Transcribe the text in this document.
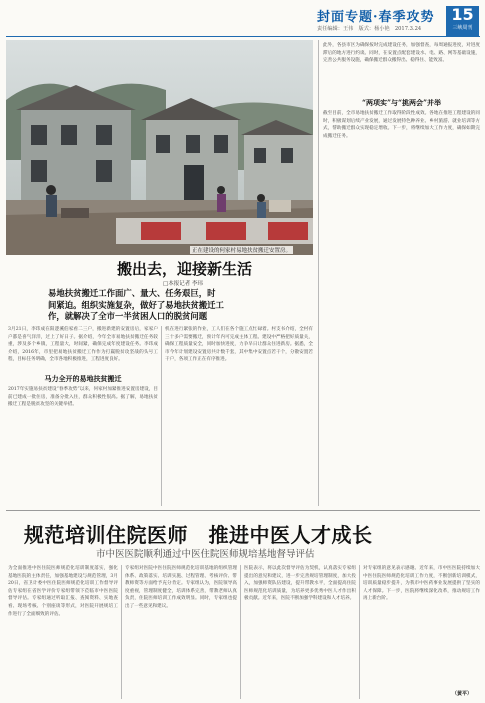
封面专题·春季攻势
责任编辑：王伟　版式：杨小艳　2017.3.24
15
三峡周刊
正在建设的何家村易地扶贫搬迁安置房。
搬出去，迎接新生活
□本报记者 李玮
易地扶贫搬迁工作面广、量大、任务艰巨，时
间紧迫。组织实施复杂，做好了易地扶贫搬迁工
作，就解决了全市一半贫困人口的脱贫问题
3月21日，李玮成在阳逻溪伯家看二三户，搬进新建的安置房后，家家户户都是喜气洋洋，过上了好日子。据介绍，今年全市易地扶贫搬迁任务较重，涉及多个乡镇，工程量大，时间紧，确保完成年度建设任务。李玮成介绍，2016年，市里把易地扶贫搬迁工作作为打赢脱贫攻坚战的头号工程，目标任务明确，全市各地积极推进，工程进度良好。
马力全开的易地扶贫搬迁
2017年实施易扶贫建设“春季攻势”以来，何家村加紧推进安置房建设，目前已建成一批住房，准备分批入住，群众积极性很高。据了解，易地扶贫搬迁工程是脱贫攻坚的关键举措。
机在进行紧张的作业，工人们在各个施工点忙碌着。村支书介绍，全村有三十多户需要搬迁，预计年内可完成主体工程。建设中严格把好质量关，确保工程质量安全，同时加快进度，力争早日让群众住进新房。据悉，全市今年计划建设安置房共计数千套，其中集中安置点若干个，分散安置若干户，各项工作正在有序推进。
此外，各县市区为确保按时完成建设任务，加强督查，每周通报进度，对进度滞后的地方进行约谈。同时，在安置点配套建设水、电、路、网等基础设施，完善公共服务设施，确保搬迁群众搬得出、稳得住、能致富。
“两项实”与“挑两会”并举
截至目前，全市易地扶贫搬迁工作取得阶段性成效。各地在推进工程建设的同时，积极谋划后续产业发展，通过发展特色种养业、乡村旅游、就业培训等方式，帮助搬迁群众实现稳定增收。下一步，将继续加大工作力度，确保如期完成搬迁任务。
规范培训住院医师　推进中医人才成长
市中医医院顺利通过中医住院医师规培基地督导评估
为全面推进中医住院医师规范化培训制度落实，强化基地医院的主体责任，加强基地建设与规范管理，3月20日，省卫计委中医住院医师规范化培训工作督导评估专家组在省医学评价专家组带领下莅临市中医医院督导评估。专家组通过听取汇报、查阅资料、实地查看、现场考核、个别座谈等形式，对医院开展规培工作进行了全面细致的评估。
专家组对医院中医住院医师规范化培训基地的组织管理体系、政策落实、培训实施、过程管理、考核评价、带教师资等方面给予充分肯定。专家组认为，医院领导高度重视，管理制度健全，培训体系完善，带教老师认真负责，住院医师培训工作成效明显。同时，专家组也提出了一些意见和建议。
医院表示，将以此次督导评估为契机，认真落实专家组提出的意见和建议，进一步完善规培管理制度，加大投入，加强师资队伍建设，提升带教水平，全面提高住院医师规范化培训质量，为培养更多优秀中医人才作出积极贡献。近年来，医院不断加强学科建设和人才培养。
对专家组的意见表示感谢。近年来，市中医医院持续加大中医住院医师规范化培训工作力度，不断创新培训模式，培训质量稳步提升，为我市中医药事业发展提供了坚实的人才保障。下一步，医院将继续深化改革，推动规培工作再上新台阶。
（黄平）
